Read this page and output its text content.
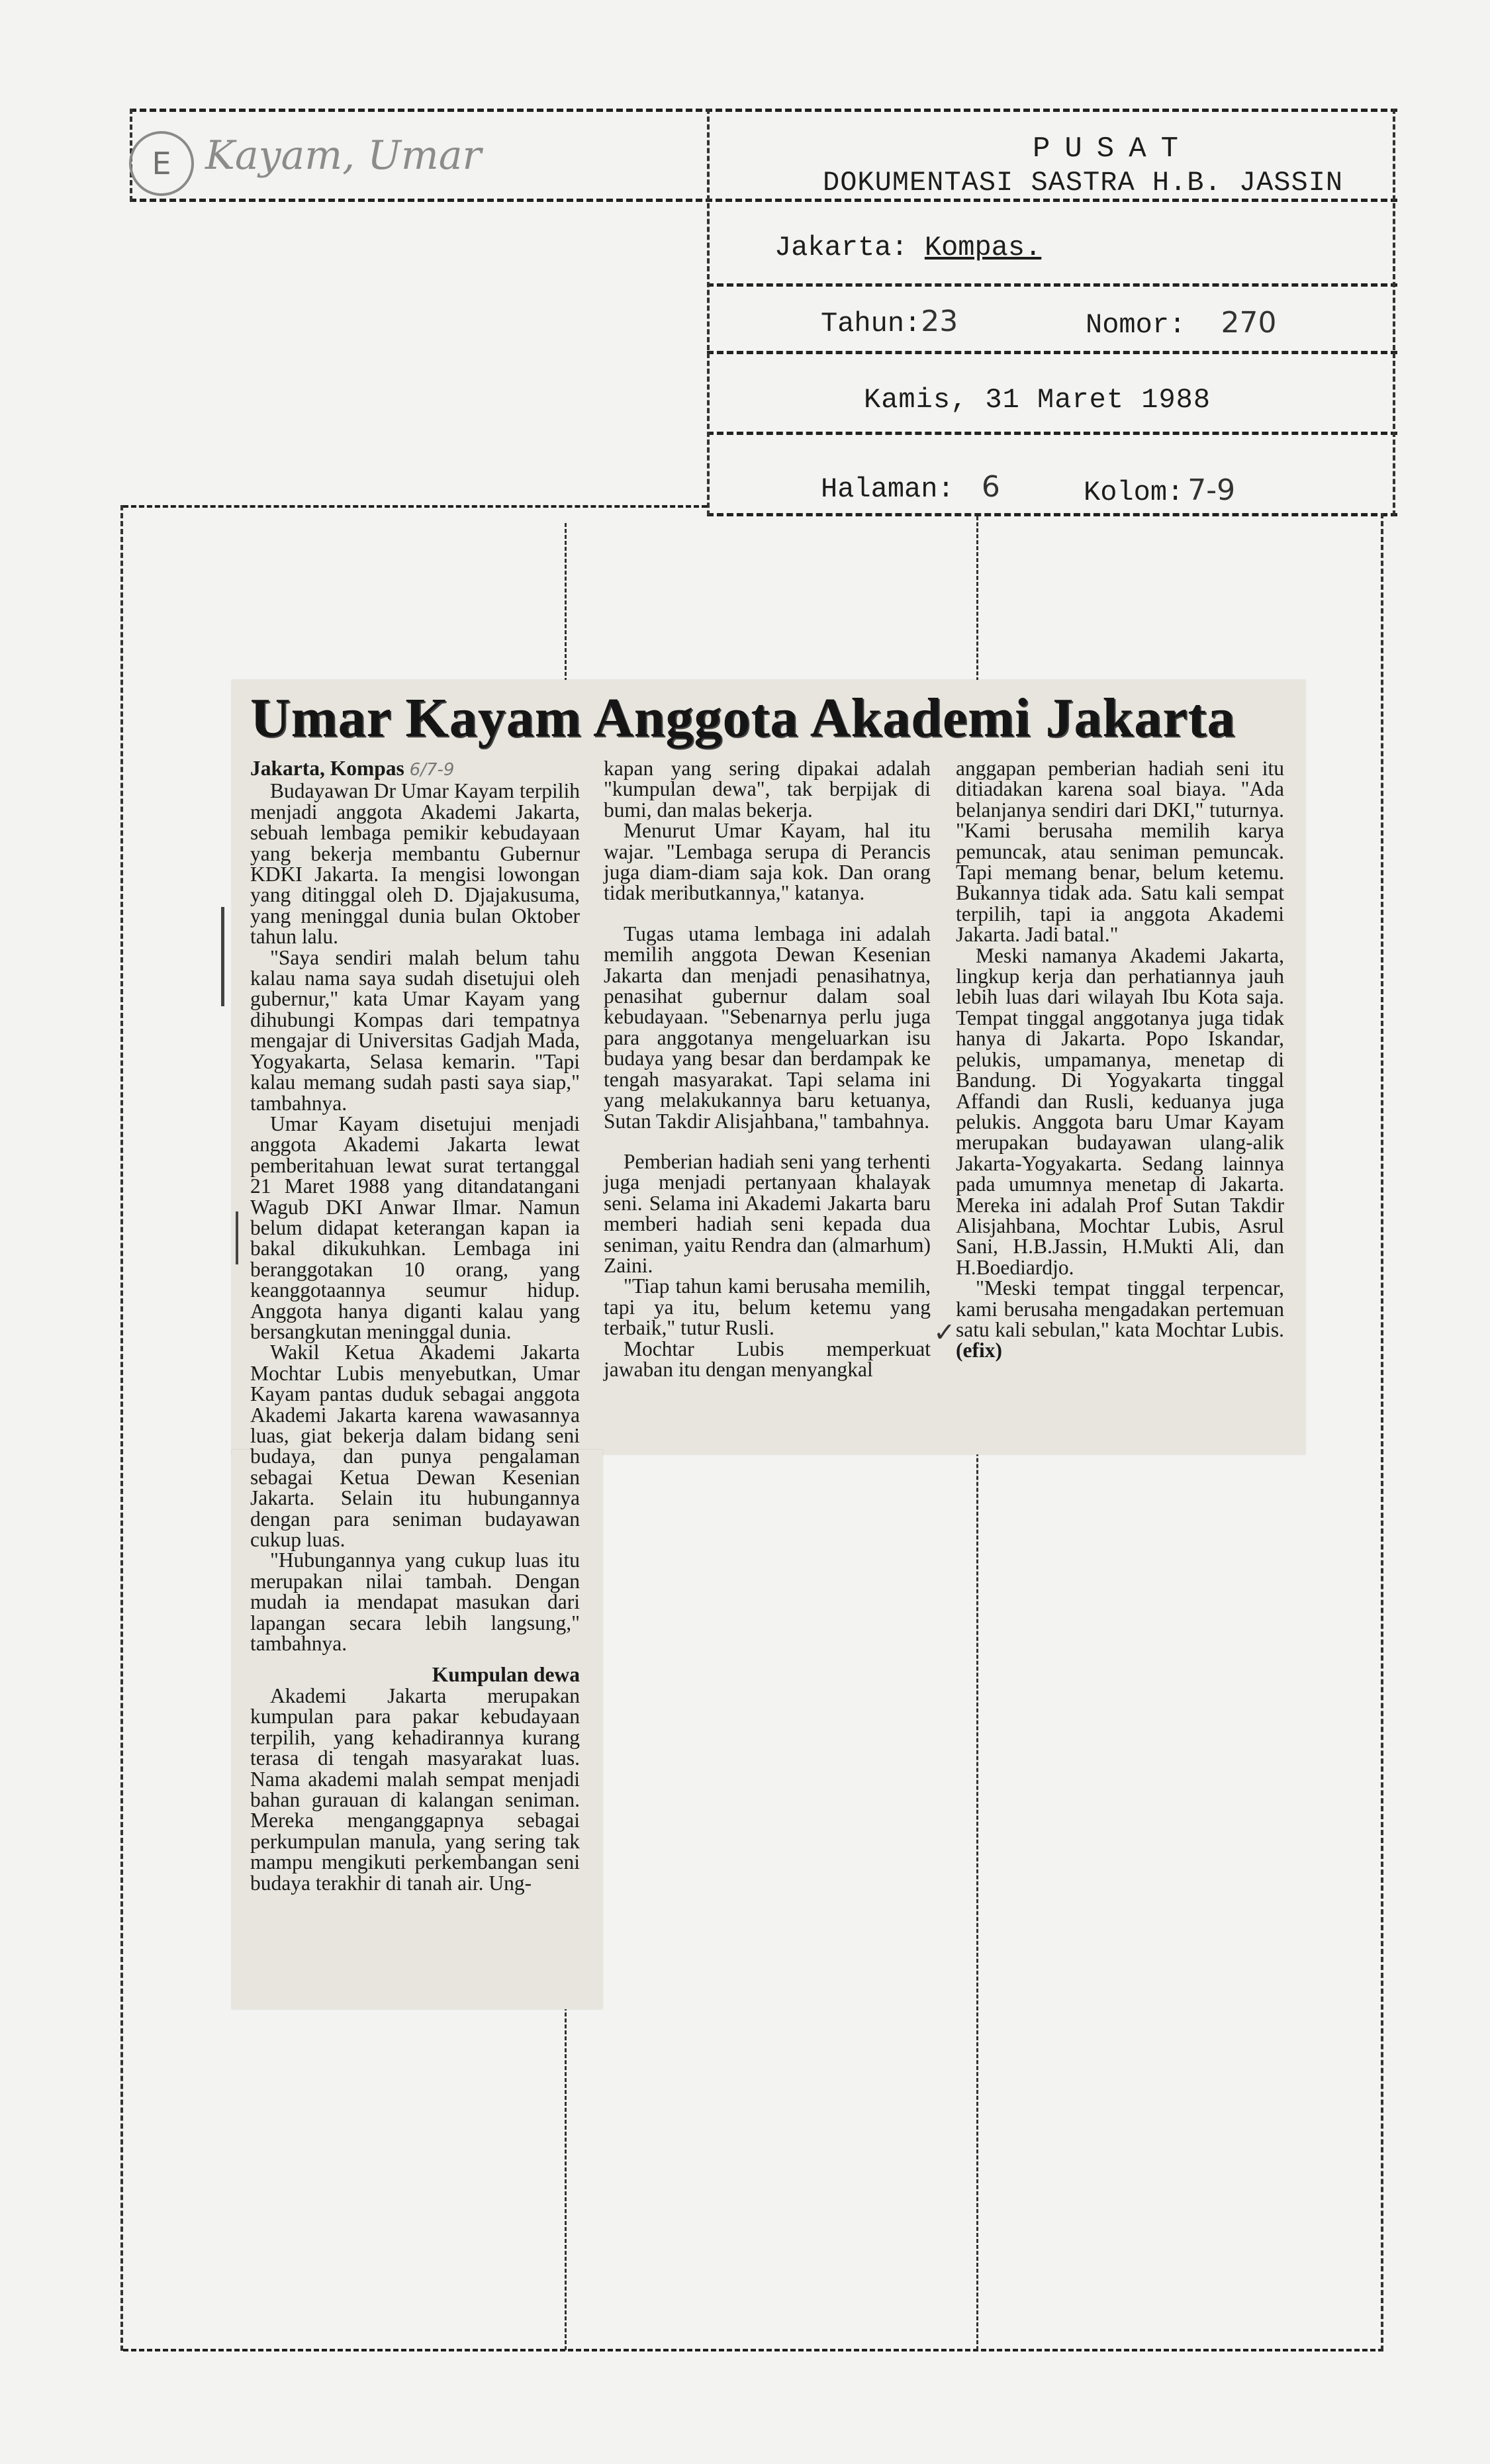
E Kayam, Umar	PUSAT
DOKUMENTASI SASTRA H.B. JASSIN
Jakarta: Kompas.
Tahun:23	Nomor: 270
Kamis, 31 Maret 1988
Halaman: 6	Kolom: 7-9
Umar Kayam Anggota Akademi Jakarta

Jakarta, Kompas 6/7-9

Budayawan Dr Umar Kayam terpilih menjadi anggota Akademi Jakarta, sebuah lembaga pemikir kebudayaan yang bekerja membantu Gubernur KDKI Jakarta. Ia mengisi lowongan yang ditinggal oleh D. Djajakusuma, yang meninggal dunia bulan Oktober tahun lalu.

"Saya sendiri malah belum tahu kalau nama saya sudah disetujui oleh gubernur," kata Umar Kayam yang dihubungi Kompas dari tempatnya mengajar di Universitas Gadjah Mada, Yogyakarta, Selasa kemarin. "Tapi kalau memang sudah pasti saya siap," tambahnya.

Umar Kayam disetujui menjadi anggota Akademi Jakarta lewat pemberitahuan lewat surat tertanggal 21 Maret 1988 yang ditandatangani Wagub DKI Anwar Ilmar. Namun belum didapat keterangan kapan ia bakal dikukuhkan. Lembaga ini beranggotakan 10 orang, yang keanggotaannya seumur hidup. Anggota hanya diganti kalau yang bersangkutan meninggal dunia.

Wakil Ketua Akademi Jakarta Mochtar Lubis menyebutkan, Umar Kayam pantas duduk sebagai anggota Akademi Jakarta karena wawasannya luas, giat bekerja dalam bidang seni budaya, dan punya pengalaman sebagai Ketua Dewan Kesenian Jakarta. Selain itu hubungannya dengan para seniman budayawan cukup luas.

"Hubungannya yang cukup luas itu merupakan nilai tambah. Dengan mudah ia mendapat masukan dari lapangan secara lebih langsung," tambahnya.

Kumpulan dewa

Akademi Jakarta merupakan kumpulan para pakar kebudayaan terpilih, yang kehadirannya kurang terasa di tengah masyarakat luas. Nama akademi malah sempat menjadi bahan gurauan di kalangan seniman. Mereka menganggapnya sebagai perkumpulan manula, yang sering tak mampu mengikuti perkembangan seni budaya terakhir di tanah air. Ung-

kapan yang sering dipakai adalah "kumpulan dewa", tak berpijak di bumi, dan malas bekerja.

Menurut Umar Kayam, hal itu wajar. "Lembaga serupa di Perancis juga diam-diam saja kok. Dan orang tidak meributkannya," katanya.

Tugas utama lembaga ini adalah memilih anggota Dewan Kesenian Jakarta dan menjadi penasihatnya, penasihat gubernur dalam soal kebudayaan. "Sebenarnya perlu juga para anggotanya mengeluarkan isu budaya yang besar dan berdampak ke tengah masyarakat. Tapi selama ini yang melakukannya baru ketuanya, Sutan Takdir Alisjahbana," tambahnya.

Pemberian hadiah seni yang terhenti juga menjadi pertanyaan khalayak seni. Selama ini Akademi Jakarta baru memberi hadiah seni kepada dua seniman, yaitu Rendra dan (almarhum) Zaini.

"Tiap tahun kami berusaha memilih, tapi ya itu, belum ketemu yang terbaik," tutur Rusli.

Mochtar Lubis memperkuat jawaban itu dengan menyangkal

anggapan pemberian hadiah seni itu ditiadakan karena soal biaya. "Ada belanjanya sendiri dari DKI," tuturnya. "Kami berusaha memilih karya pemuncak, atau seniman pemuncak. Tapi memang benar, belum ketemu. Bukannya tidak ada. Satu kali sempat terpilih, tapi ia anggota Akademi Jakarta. Jadi batal."

Meski namanya Akademi Jakarta, lingkup kerja dan perhatiannya jauh lebih luas dari wilayah Ibu Kota saja. Tempat tinggal anggotanya juga tidak hanya di Jakarta. Popo Iskandar, pelukis, umpamanya, menetap di Bandung. Di Yogyakarta tinggal Affandi dan Rusli, keduanya juga pelukis. Anggota baru Umar Kayam merupakan budayawan ulang-alik Jakarta-Yogyakarta. Sedang lainnya pada umumnya menetap di Jakarta. Mereka ini adalah Prof Sutan Takdir Alisjahbana, Mochtar Lubis, Asrul Sani, H.B.Jassin, H.Mukti Ali, dan H.Boediardjo.

"Meski tempat tinggal terpencar, kami berusaha mengadakan pertemuan satu kali sebulan," kata Mochtar Lubis. (efix)

✓
